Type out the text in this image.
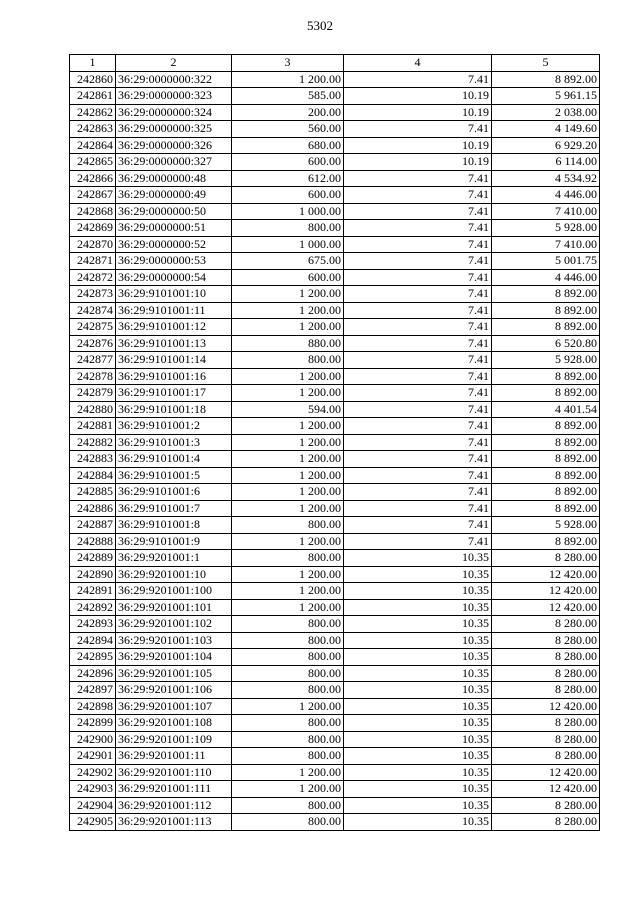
5302
1	2	3	4	5
242860	36:29:0000000:322	1 200.00	7.41	8 892.00
242861	36:29:0000000:323	585.00	10.19	5 961.15
242862	36:29:0000000:324	200.00	10.19	2 038.00
242863	36:29:0000000:325	560.00	7.41	4 149.60
242864	36:29:0000000:326	680.00	10.19	6 929.20
242865	36:29:0000000:327	600.00	10.19	6 114.00
242866	36:29:0000000:48	612.00	7.41	4 534.92
242867	36:29:0000000:49	600.00	7.41	4 446.00
242868	36:29:0000000:50	1 000.00	7.41	7 410.00
242869	36:29:0000000:51	800.00	7.41	5 928.00
242870	36:29:0000000:52	1 000.00	7.41	7 410.00
242871	36:29:0000000:53	675.00	7.41	5 001.75
242872	36:29:0000000:54	600.00	7.41	4 446.00
242873	36:29:9101001:10	1 200.00	7.41	8 892.00
242874	36:29:9101001:11	1 200.00	7.41	8 892.00
242875	36:29:9101001:12	1 200.00	7.41	8 892.00
242876	36:29:9101001:13	880.00	7.41	6 520.80
242877	36:29:9101001:14	800.00	7.41	5 928.00
242878	36:29:9101001:16	1 200.00	7.41	8 892.00
242879	36:29:9101001:17	1 200.00	7.41	8 892.00
242880	36:29:9101001:18	594.00	7.41	4 401.54
242881	36:29:9101001:2	1 200.00	7.41	8 892.00
242882	36:29:9101001:3	1 200.00	7.41	8 892.00
242883	36:29:9101001:4	1 200.00	7.41	8 892.00
242884	36:29:9101001:5	1 200.00	7.41	8 892.00
242885	36:29:9101001:6	1 200.00	7.41	8 892.00
242886	36:29:9101001:7	1 200.00	7.41	8 892.00
242887	36:29:9101001:8	800.00	7.41	5 928.00
242888	36:29:9101001:9	1 200.00	7.41	8 892.00
242889	36:29:9201001:1	800.00	10.35	8 280.00
242890	36:29:9201001:10	1 200.00	10.35	12 420.00
242891	36:29:9201001:100	1 200.00	10.35	12 420.00
242892	36:29:9201001:101	1 200.00	10.35	12 420.00
242893	36:29:9201001:102	800.00	10.35	8 280.00
242894	36:29:9201001:103	800.00	10.35	8 280.00
242895	36:29:9201001:104	800.00	10.35	8 280.00
242896	36:29:9201001:105	800.00	10.35	8 280.00
242897	36:29:9201001:106	800.00	10.35	8 280.00
242898	36:29:9201001:107	1 200.00	10.35	12 420.00
242899	36:29:9201001:108	800.00	10.35	8 280.00
242900	36:29:9201001:109	800.00	10.35	8 280.00
242901	36:29:9201001:11	800.00	10.35	8 280.00
242902	36:29:9201001:110	1 200.00	10.35	12 420.00
242903	36:29:9201001:111	1 200.00	10.35	12 420.00
242904	36:29:9201001:112	800.00	10.35	8 280.00
242905	36:29:9201001:113	800.00	10.35	8 280.00
